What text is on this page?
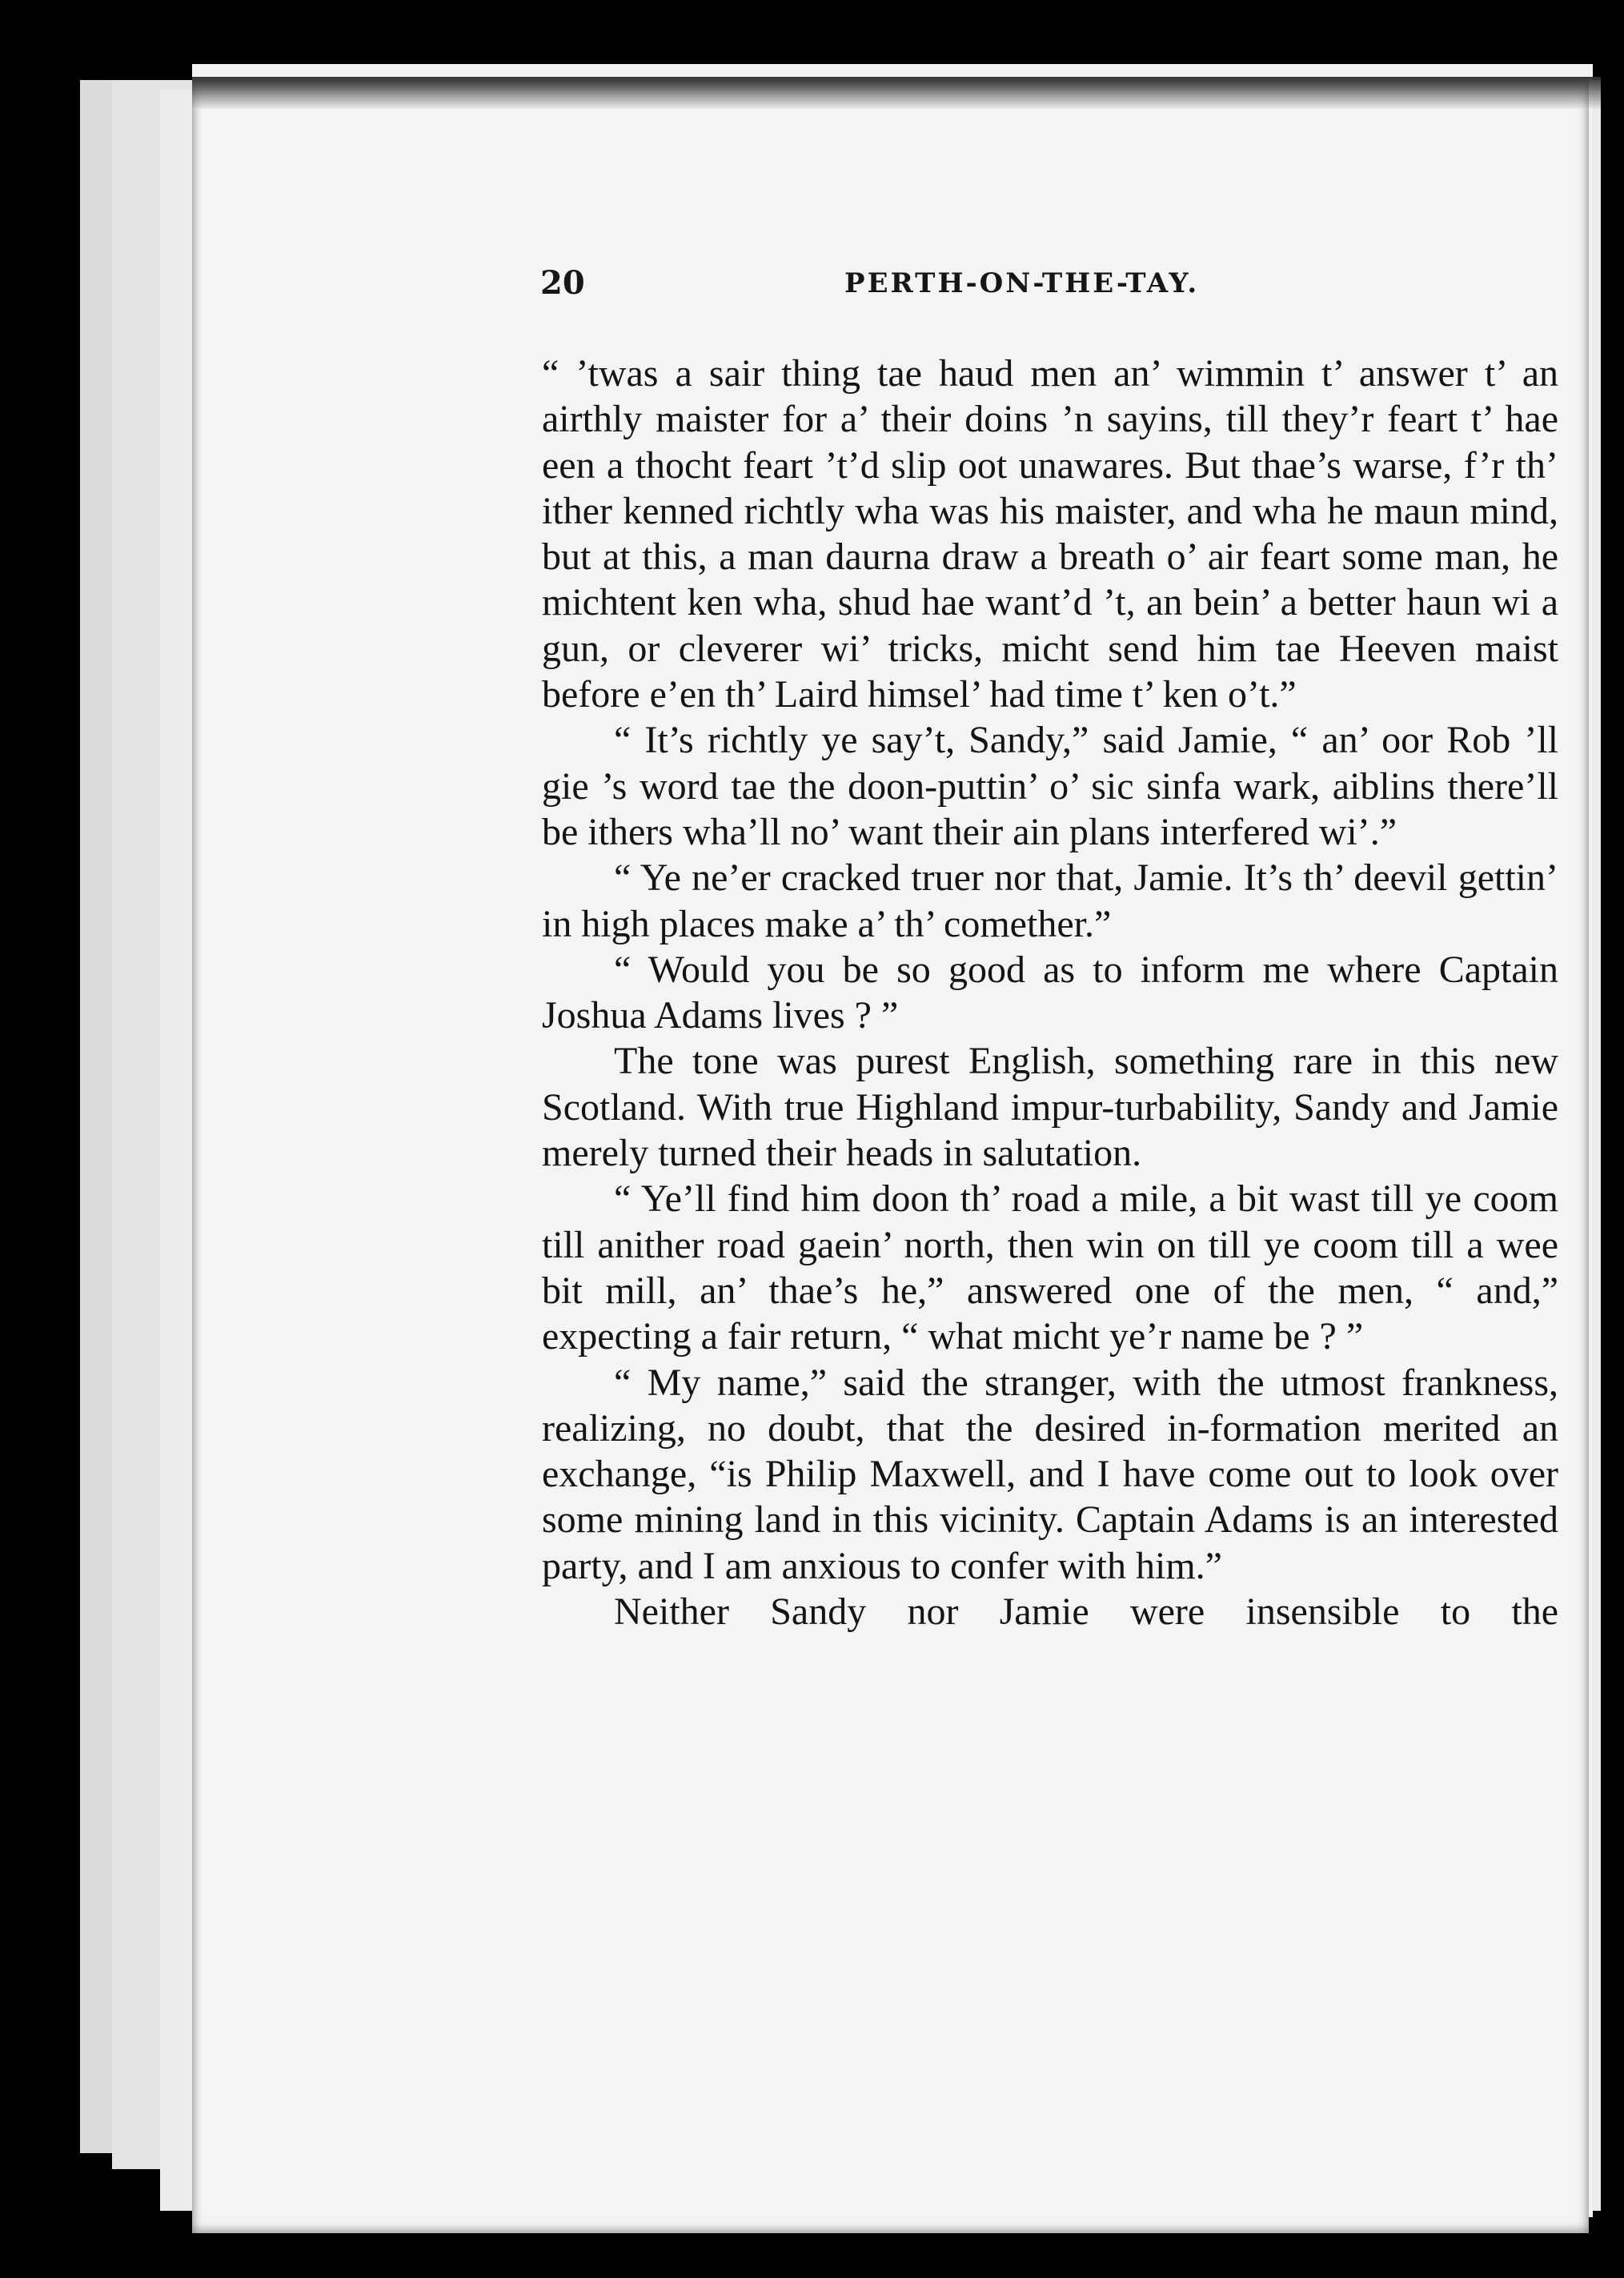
20	PERTH-ON-THE-TAY.

“ ’twas a sair thing tae haud men an’ wimmin t’ answer t’ an airthly maister for a’ their doins ’n sayins, till they’r feart t’ hae een a thocht feart ’t’d slip oot unawares. But thae’s warse, f’r th’ ither kenned richtly wha was his maister, and wha he maun mind, but at this, a man daurna draw a breath o’ air feart some man, he michtent ken wha, shud hae want’d ’t, an bein’ a better haun wi a gun, or cleverer wi’ tricks, micht send him tae Heeven maist before e’en th’ Laird himsel’ had time t’ ken o’t.”

“ It’s richtly ye say’t, Sandy,” said Jamie, “ an’ oor Rob ’ll gie ’s word tae the doon-puttin’ o’ sic sinfa wark, aiblins there’ll be ithers wha’ll no’ want their ain plans interfered wi’.”

“ Ye ne’er cracked truer nor that, Jamie. It’s th’ deevil gettin’ in high places make a’ th’ comether.”

“ Would you be so good as to inform me where Captain Joshua Adams lives ? ”

The tone was purest English, something rare in this new Scotland. With true Highland impur-turbability, Sandy and Jamie merely turned their heads in salutation.

“ Ye’ll find him doon th’ road a mile, a bit wast till ye coom till anither road gaein’ north, then win on till ye coom till a wee bit mill, an’ thae’s he,” answered one of the men, “ and,” expecting a fair return, “ what micht ye’r name be ? ”

“ My name,” said the stranger, with the utmost frankness, realizing, no doubt, that the desired in-formation merited an exchange, “is Philip Maxwell, and I have come out to look over some mining land in this vicinity. Captain Adams is an interested party, and I am anxious to confer with him.”

Neither Sandy nor Jamie were insensible to the
